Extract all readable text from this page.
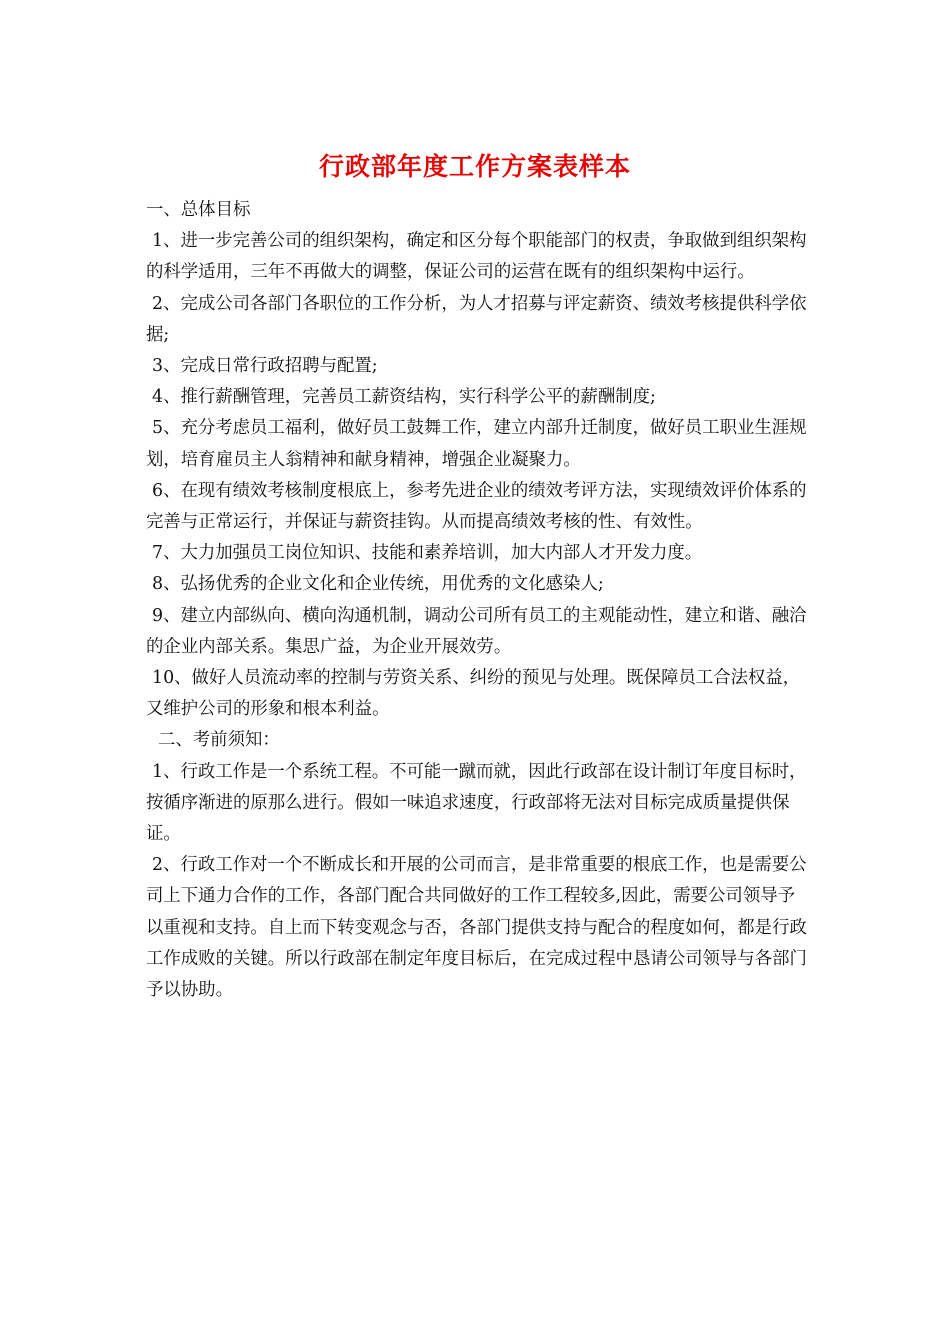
行政部年度工作方案表样本

一、总体目标

1、进一步完善公司的组织架构，确定和区分每个职能部门的权责，争取做到组织架构的科学适用，三年不再做大的调整，保证公司的运营在既有的组织架构中运行。

2、完成公司各部门各职位的工作分析，为人才招募与评定薪资、绩效考核提供科学依据;

3、完成日常行政招聘与配置;

4、推行薪酬管理，完善员工薪资结构，实行科学公平的薪酬制度;

5、充分考虑员工福利，做好员工鼓舞工作，建立内部升迁制度，做好员工职业生涯规划，培育雇员主人翁精神和献身精神，增强企业凝聚力。

6、在现有绩效考核制度根底上，参考先进企业的绩效考评方法，实现绩效评价体系的完善与正常运行，并保证与薪资挂钩。从而提高绩效考核的性、有效性。

7、大力加强员工岗位知识、技能和素养培训，加大内部人才开发力度。

8、弘扬优秀的企业文化和企业传统，用优秀的文化感染人;

9、建立内部纵向、横向沟通机制，调动公司所有员工的主观能动性，建立和谐、融洽的企业内部关系。集思广益，为企业开展效劳。

10、做好人员流动率的控制与劳资关系、纠纷的预见与处理。既保障员工合法权益，又维护公司的形象和根本利益。

二、考前须知：

1、行政工作是一个系统工程。不可能一蹴而就，因此行政部在设计制订年度目标时，按循序渐进的原那么进行。假如一味追求速度，行政部将无法对目标完成质量提供保证。

2、行政工作对一个不断成长和开展的公司而言，是非常重要的根底工作，也是需要公司上下通力合作的工作，各部门配合共同做好的工作工程较多,因此，需要公司领导予以重视和支持。自上而下转变观念与否，各部门提供支持与配合的程度如何，都是行政工作成败的关键。所以行政部在制定年度目标后，在完成过程中恳请公司领导与各部门予以协助。
